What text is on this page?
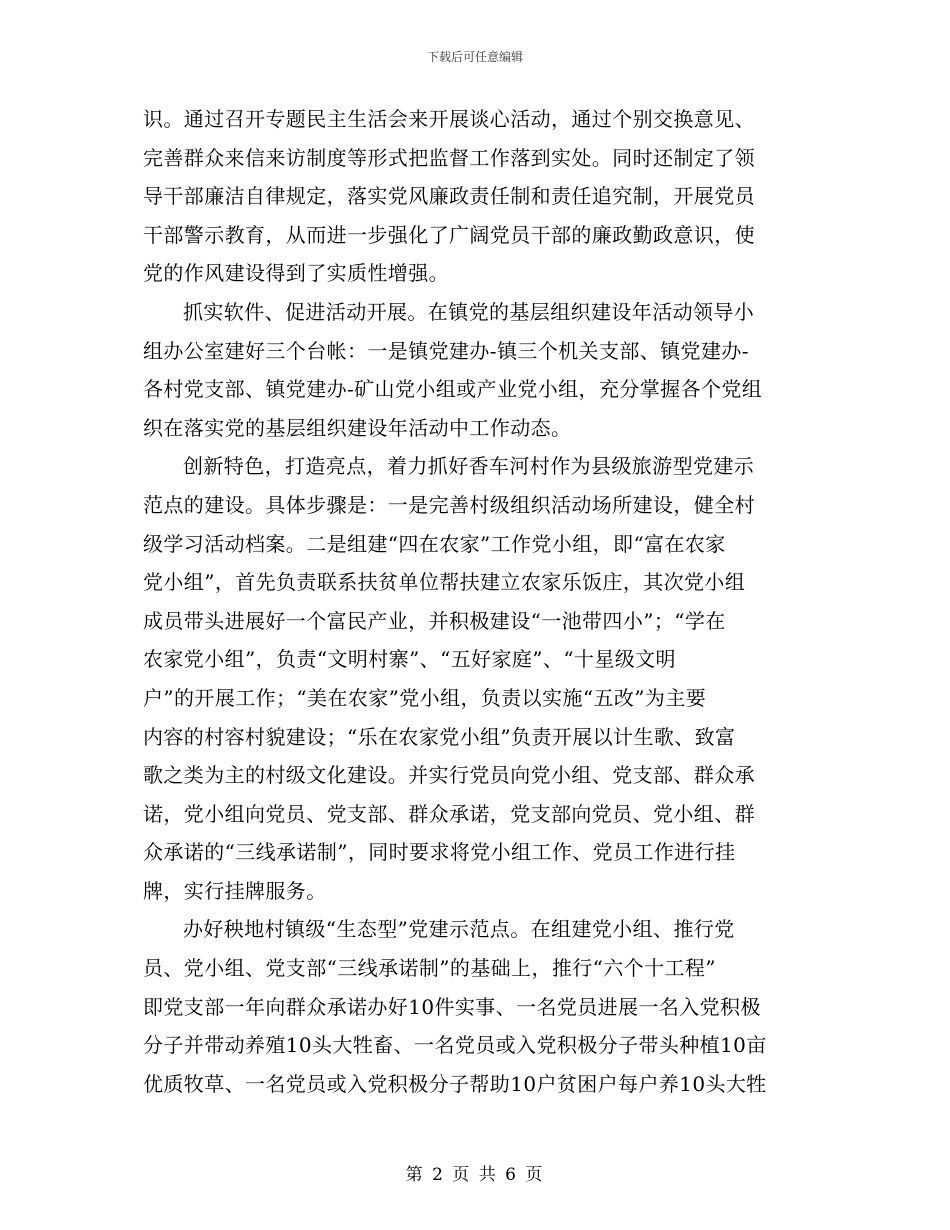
下载后可任意编辑
识。通过召开专题民主生活会来开展谈心活动，通过个别交换意见、
完善群众来信来访制度等形式把监督工作落到实处。同时还制定了领
导干部廉洁自律规定，落实党风廉政责任制和责任追究制，开展党员
干部警示教育，从而进一步强化了广阔党员干部的廉政勤政意识，使
党的作风建设得到了实质性增强。
抓实软件、促进活动开展。在镇党的基层组织建设年活动领导小
组办公室建好三个台帐：一是镇党建办-镇三个机关支部、镇党建办-
各村党支部、镇党建办-矿山党小组或产业党小组，充分掌握各个党组
织在落实党的基层组织建设年活动中工作动态。
创新特色，打造亮点，着力抓好香车河村作为县级旅游型党建示
范点的建设。具体步骤是：一是完善村级组织活动场所建设，健全村
级学习活动档案。二是组建“四在农家”工作党小组，即“富在农家
党小组”，首先负责联系扶贫单位帮扶建立农家乐饭庄，其次党小组
成员带头进展好一个富民产业，并积极建设“一池带四小”；“学在
农家党小组”，负责“文明村寨”、“五好家庭”、“十星级文明
户”的开展工作；“美在农家”党小组，负责以实施“五改”为主要
内容的村容村貌建设；“乐在农家党小组”负责开展以计生歌、致富
歌之类为主的村级文化建设。并实行党员向党小组、党支部、群众承
诺，党小组向党员、党支部、群众承诺，党支部向党员、党小组、群
众承诺的“三线承诺制”，同时要求将党小组工作、党员工作进行挂
牌，实行挂牌服务。
办好秧地村镇级“生态型”党建示范点。在组建党小组、推行党
员、党小组、党支部“三线承诺制”的基础上，推行“六个十工程”
即党支部一年向群众承诺办好10件实事、一名党员进展一名入党积极
分子并带动养殖10头大牲畜、一名党员或入党积极分子带头种植10亩
优质牧草、一名党员或入党积极分子帮助10户贫困户每户养10头大牲
第 2 页 共 6 页
